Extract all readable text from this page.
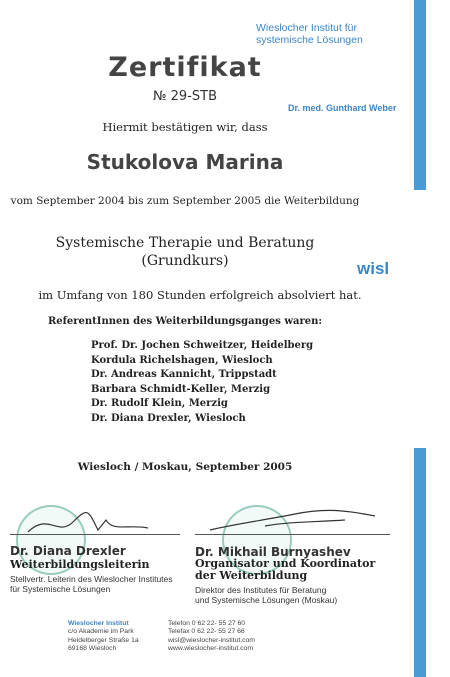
Wieslocher Institut für
systemische Lösungen
Dr. med. Gunthard Weber
Zertifikat
№ 29-STB
Hiermit bestätigen wir, dass
Stukolova Marina
vom September 2004 bis zum September 2005 die Weiterbildung
Systemische Therapie und Beratung
(Grundkurs)	wisl
im Umfang von 180 Stunden erfolgreich absolviert hat.
ReferentInnen des Weiterbildungsganges waren:
Prof. Dr. Jochen Schweitzer, Heidelberg
Kordula Richelshagen, Wiesloch
Dr. Andreas Kannicht, Trippstadt
Barbara Schmidt-Keller, Merzig
Dr. Rudolf Klein, Merzig
Dr. Diana Drexler, Wiesloch
Wiesloch / Moskau, September 2005
Dr. Diana Drexler
Weiterbildungsleiterin
Stellvertr. Leiterin des Wieslocher Institutes
für Systemische Lösungen
Dr. Mikhail Burnyashev
Organisator und Koordinator
der Weiterbildung
Direktor des Institutes für Beratung
und Systemische Lösungen (Moskau)
Wieslocher Institut
c/o Akademie im Park
Heidelberger Straße 1a
69168 Wiesloch
Telefon 0 62 22- 55 27 60
Telefax 0 62 22- 55 27 66
wisl@wieslocher-institut.com
www.wieslocher-institut.com
